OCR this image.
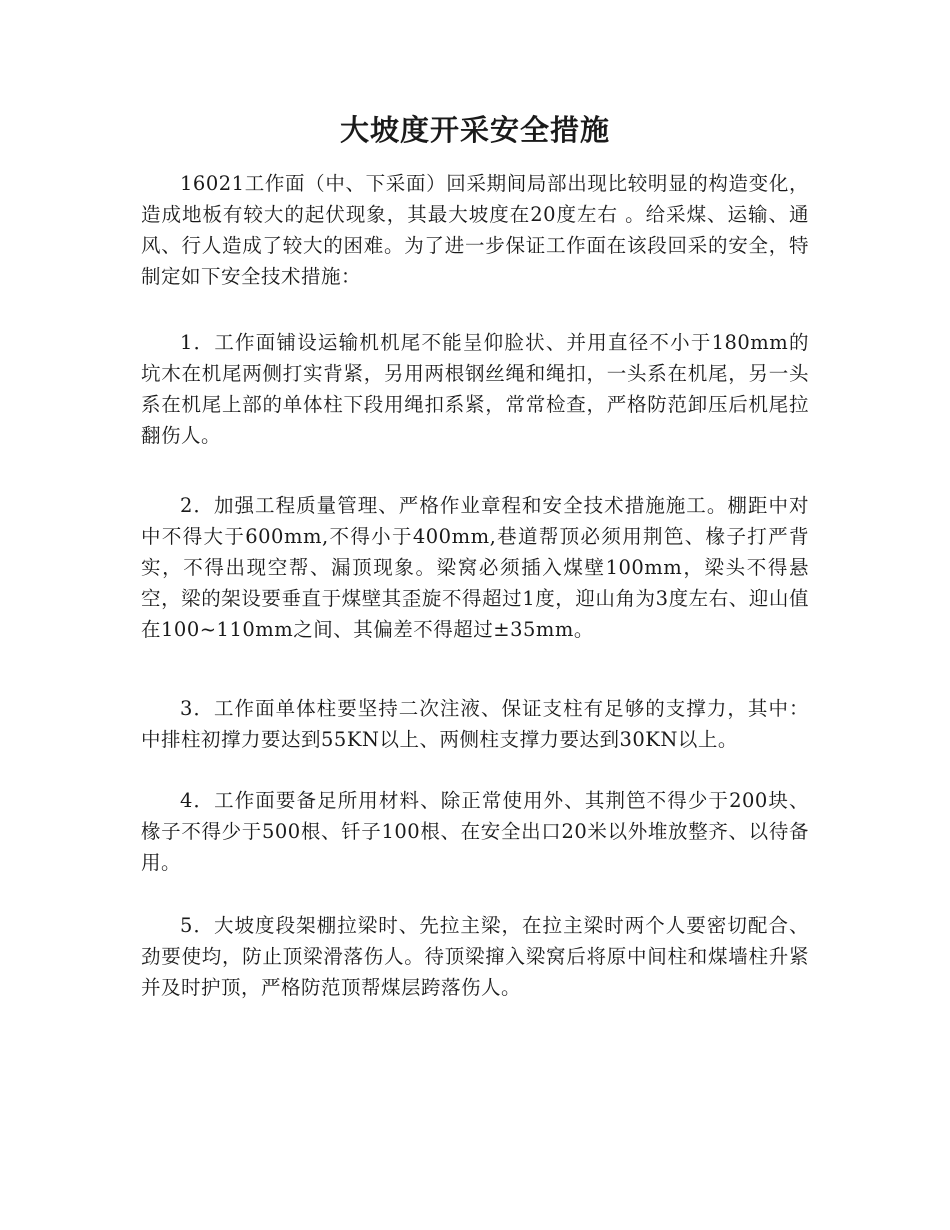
大坡度开采安全措施

16021工作面（中、下采面）回采期间局部出现比较明显的构造变化，造成地板有较大的起伏现象，其最大坡度在20度左右 。给采煤、运输、通风、行人造成了较大的困难。为了进一步保证工作面在该段回采的安全，特制定如下安全技术措施：

1．工作面铺设运输机机尾不能呈仰脸状、并用直径不小于180mm的坑木在机尾两侧打实背紧，另用两根钢丝绳和绳扣，一头系在机尾，另一头系在机尾上部的单体柱下段用绳扣系紧，常常检查，严格防范卸压后机尾拉翻伤人。

2．加强工程质量管理、严格作业章程和安全技术措施施工。棚距中对中不得大于600mm,不得小于400mm,巷道帮顶必须用荆笆、椽子打严背实，不得出现空帮、漏顶现象。梁窝必须插入煤壁100mm，梁头不得悬空，梁的架设要垂直于煤壁其歪旋不得超过1度，迎山角为3度左右、迎山值在100~110mm之间、其偏差不得超过±35mm。

3．工作面单体柱要坚持二次注液、保证支柱有足够的支撑力，其中：中排柱初撑力要达到55KN以上、两侧柱支撑力要达到30KN以上。

4．工作面要备足所用材料、除正常使用外、其荆笆不得少于200块、椽子不得少于500根、钎子100根、在安全出口20米以外堆放整齐、以待备用。

5．大坡度段架棚拉梁时、先拉主梁，在拉主梁时两个人要密切配合、劲要使均，防止顶梁滑落伤人。待顶梁撺入梁窝后将原中间柱和煤墙柱升紧并及时护顶，严格防范顶帮煤层跨落伤人。
